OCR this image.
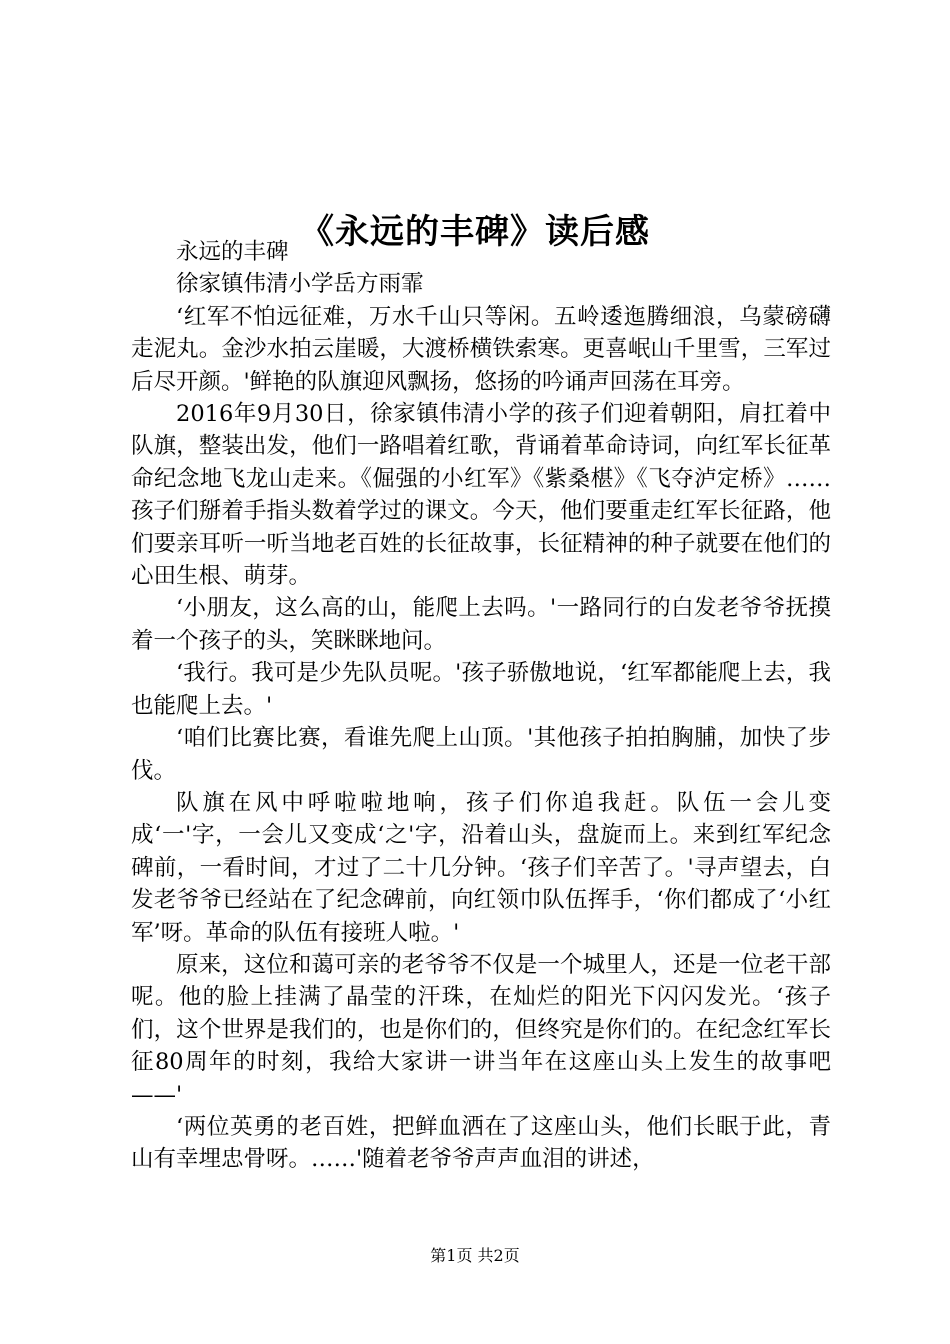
《永远的丰碑》读后感

永远的丰碑

徐家镇伟清小学岳方雨霏

‘红军不怕远征难，万水千山只等闲。五岭逶迤腾细浪，乌蒙磅礴走泥丸。金沙水拍云崖暖，大渡桥横铁索寒。更喜岷山千里雪，三军过后尽开颜。'鲜艳的队旗迎风飘扬，悠扬的吟诵声回荡在耳旁。

2016年9月30日，徐家镇伟清小学的孩子们迎着朝阳，肩扛着中队旗，整装出发，他们一路唱着红歌，背诵着革命诗词，向红军长征革命纪念地飞龙山走来。《倔强的小红军》《紫桑椹》《飞夺泸定桥》……孩子们掰着手指头数着学过的课文。今天，他们要重走红军长征路，他们要亲耳听一听当地老百姓的长征故事，长征精神的种子就要在他们的心田生根、萌芽。

‘小朋友，这么高的山，能爬上去吗。'一路同行的白发老爷爷抚摸着一个孩子的头，笑眯眯地问。

‘我行。我可是少先队员呢。'孩子骄傲地说，‘红军都能爬上去，我也能爬上去。'

‘咱们比赛比赛，看谁先爬上山顶。'其他孩子拍拍胸脯，加快了步伐。

队旗在风中呼啦啦地响，孩子们你追我赶。队伍一会儿变成‘一'字，一会儿又变成‘之'字，沿着山头，盘旋而上。来到红军纪念碑前，一看时间，才过了二十几分钟。‘孩子们辛苦了。'寻声望去，白发老爷爷已经站在了纪念碑前，向红领巾队伍挥手，‘你们都成了‘小红军’呀。革命的队伍有接班人啦。'

原来，这位和蔼可亲的老爷爷不仅是一个城里人，还是一位老干部呢。他的脸上挂满了晶莹的汗珠，在灿烂的阳光下闪闪发光。‘孩子们，这个世界是我们的，也是你们的，但终究是你们的。在纪念红军长征80周年的时刻，我给大家讲一讲当年在这座山头上发生的故事吧——'

‘两位英勇的老百姓，把鲜血洒在了这座山头，他们长眠于此，青山有幸埋忠骨呀。……'随着老爷爷声声血泪的讲述，

第1页 共2页
